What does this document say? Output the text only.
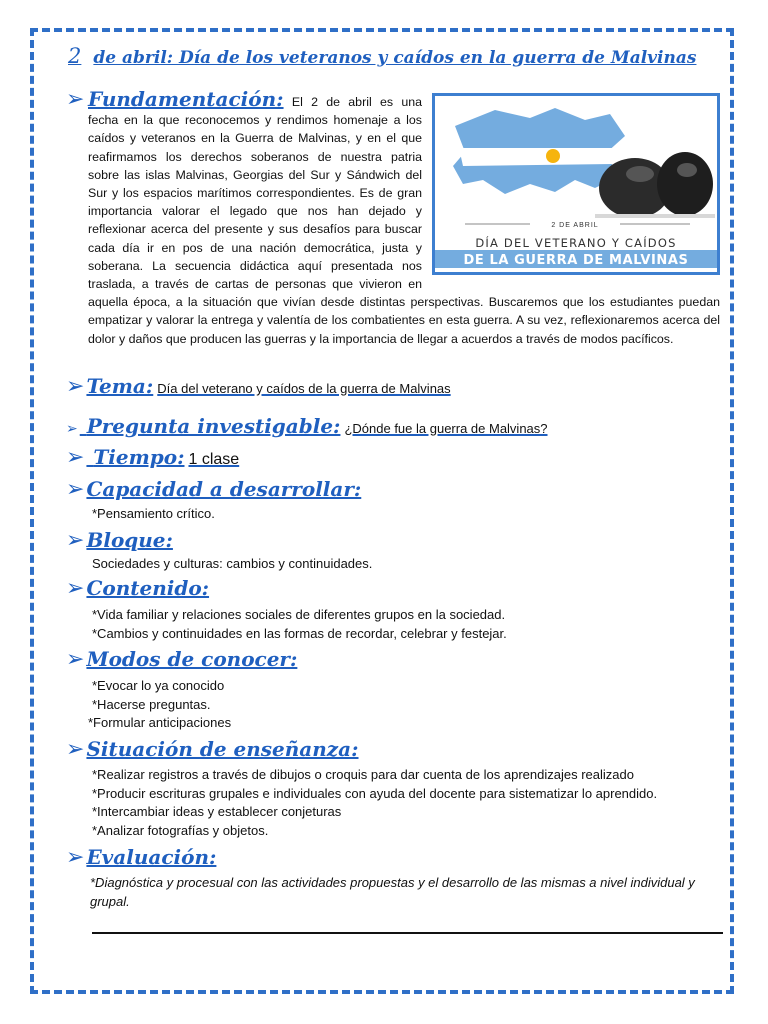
2 de abril: Día de los veteranos y caídos en la guerra de Malvinas
➢
2 DE ABRIL
DÍA DEL VETERANO Y CAÍDOS
DE LA GUERRA DE MALVINAS
Fundamentación: El 2 de abril es una fecha en la que reconocemos y rendimos homenaje a los caídos y veteranos en la Guerra de Malvinas, y en el que reafirmamos los derechos soberanos de nuestra patria sobre las islas Malvinas, Georgias del Sur y Sándwich del Sur y los espacios marítimos correspondientes. Es de gran importancia valorar el legado que nos han dejado y reflexionar acerca del presente y sus desafíos para buscar cada día ir en pos de una nación democrática, justa y soberana. La secuencia didáctica aquí presentada nos traslada, a través de cartas de personas que vivieron en aquella época, a la situación que vivían desde distintas perspectivas. Buscaremos que los estudiantes puedan empatizar y valorar la entrega y valentía de los combatientes en esta guerra. A su vez, reflexionaremos acerca del dolor y daños que producen las guerras y la importancia de llegar a acuerdos a través de modos pacíficos.
➢ Tema: Día del veterano y caídos de la guerra de Malvinas
➢ Pregunta investigable: ¿Dónde fue la guerra de Malvinas?
➢ Tiempo: 1 clase
➢ Capacidad a desarrollar:
*Pensamiento crítico.
➢ Bloque:
Sociedades y culturas: cambios y continuidades.
➢ Contenido:
*Vida familiar y relaciones sociales de diferentes grupos en la sociedad.
*Cambios y continuidades en las formas de recordar, celebrar y festejar.
➢ Modos de conocer:
*Evocar lo ya conocido
*Hacerse preguntas.
*Formular anticipaciones
➢ Situación de enseñanza:
*Realizar registros a través de dibujos o croquis para dar cuenta de los aprendizajes realizado
*Producir escrituras grupales e individuales con ayuda del docente para sistematizar lo aprendido.
*Intercambiar ideas y establecer conjeturas
*Analizar fotografías y objetos.
➢ Evaluación:
*Diagnóstica y procesual con las actividades propuestas y el desarrollo de las mismas a nivel individual y grupal.
